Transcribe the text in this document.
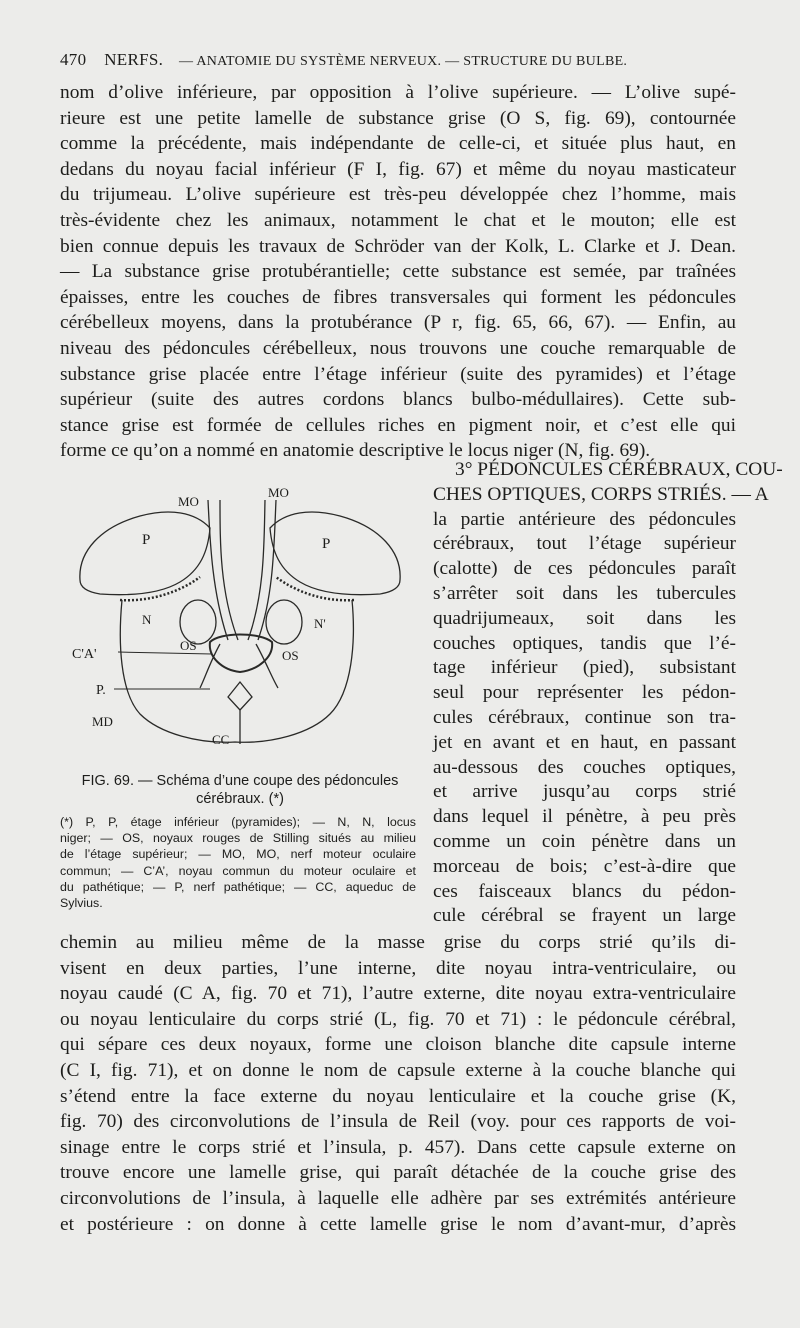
470 NERFS. — ANATOMIE DU SYSTÈME NERVEUX. — STRUCTURE DU BULBE.
nom d’olive inférieure, par opposition à l’olive supérieure. — L’olive supé-
rieure est une petite lamelle de substance grise (O S, fig. 69), contournée
comme la précédente, mais indépendante de celle-ci, et située plus haut, en
dedans du noyau facial inférieur (F I, fig. 67) et même du noyau masticateur
du trijumeau. L’olive supérieure est très-peu développée chez l’homme, mais
très-évidente chez les animaux, notamment le chat et le mouton; elle est
bien connue depuis les travaux de Schröder van der Kolk, L. Clarke et J. Dean.
— La substance grise protubérantielle; cette substance est semée, par traînées
épaisses, entre les couches de fibres transversales qui forment les pédoncules
cérébelleux moyens, dans la protubérance (P r, fig. 65, 66, 67). — Enfin, au
niveau des pédoncules cérébelleux, nous trouvons une couche remarquable de
substance grise placée entre l’étage inférieur (suite des pyramides) et l’étage
supérieur (suite des autres cordons blancs bulbo-médullaires). Cette sub-
stance grise est formée de cellules riches en pigment noir, et c’est elle qui
forme ce qu’on a nommé en anatomie descriptive le locus niger (N, fig. 69).
3° PÉDONCULES CÉRÉBRAUX, COU-
CHES OPTIQUES, CORPS STRIÉS. — A
la partie antérieure des pédoncules
cérébraux, tout l’étage supérieur
(calotte) de ces pédoncules paraît
s’arrêter soit dans les tubercules
quadrijumeaux, soit dans les
couches optiques, tandis que l’é-
tage inférieur (pied), subsistant
seul pour représenter les pédon-
cules cérébraux, continue son tra-
jet en avant et en haut, en passant
au-dessous des couches optiques,
et arrive jusqu’au corps strié
dans lequel il pénètre, à peu près
comme un coin pénètre dans un
morceau de bois; c’est-à-dire que
ces faisceaux blancs du pédon-
cule cérébral se frayent un large
MO
MO
P	P
N	N'
OS
OS
C'A'
P.
MD
CC
FIG. 69. — Schéma d’une coupe des pédoncules cérébraux. (*)
(*) P, P, étage inférieur (pyramides); — N, N, locus
niger; — OS, noyaux rouges de Stilling situés au milieu
de l’étage supérieur; — MO, MO, nerf moteur oculaire
commun; — C’A’, noyau commun du moteur oculaire et
du pathétique; — P, nerf pathétique; — CC, aqueduc de
Sylvius.
chemin au milieu même de la masse grise du corps strié qu’ils di-
visent en deux parties, l’une interne, dite noyau intra-ventriculaire, ou
noyau caudé (C A, fig. 70 et 71), l’autre externe, dite noyau extra-ventriculaire
ou noyau lenticulaire du corps strié (L, fig. 70 et 71) : le pédoncule cérébral,
qui sépare ces deux noyaux, forme une cloison blanche dite capsule interne
(C I, fig. 71), et on donne le nom de capsule externe à la couche blanche qui
s’étend entre la face externe du noyau lenticulaire et la couche grise (K,
fig. 70) des circonvolutions de l’insula de Reil (voy. pour ces rapports de voi-
sinage entre le corps strié et l’insula, p. 457). Dans cette capsule externe on
trouve encore une lamelle grise, qui paraît détachée de la couche grise des
circonvolutions de l’insula, à laquelle elle adhère par ses extrémités antérieure
et postérieure : on donne à cette lamelle grise le nom d’avant-mur, d’après
